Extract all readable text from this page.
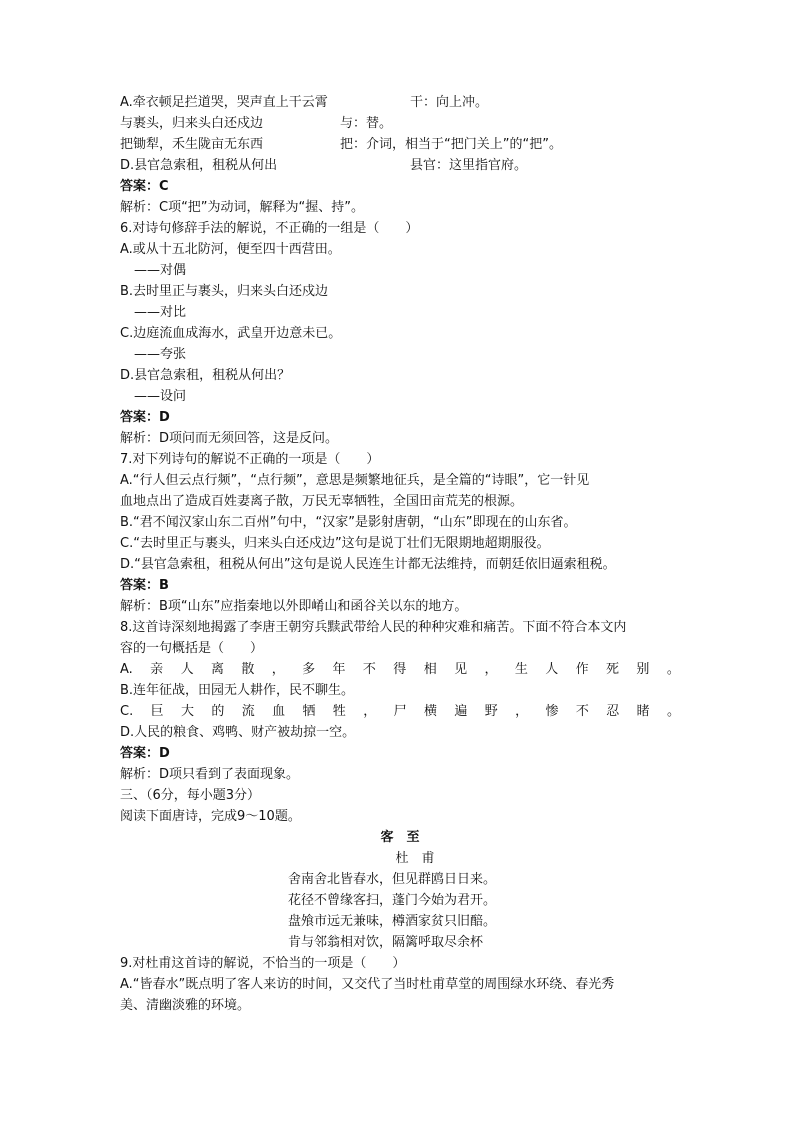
A.牵衣顿足拦道哭，哭声直上干云霄	干：向上冲。
与裹头，归来头白还戍边	与：替。
把锄犁，禾生陇亩无东西	把：介词，相当于“把门关上”的“把”。
D.县官急索租，租税从何出	县官：这里指官府。
答案：C
解析：C项“把”为动词，解释为“握、持”。
6.对诗句修辞手法的解说，不正确的一组是（　　）
A.或从十五北防河，便至四十西营田。
——对偶
B.去时里正与裹头，归来头白还戍边
——对比
C.边庭流血成海水，武皇开边意未已。
——夸张
D.县官急索租，租税从何出？
——设问
答案：D
解析：D项问而无须回答，这是反问。
7.对下列诗句的解说不正确的一项是（　　）
A.“行人但云点行频”，“点行频”，意思是频繁地征兵，是全篇的“诗眼”，它一针见
血地点出了造成百姓妻离子散，万民无辜牺牲，全国田亩荒芜的根源。
B.“君不闻汉家山东二百州”句中，“汉家”是影射唐朝，“山东”即现在的山东省。
C.“去时里正与裹头，归来头白还戍边”这句是说丁壮们无限期地超期服役。
D.“县官急索租，租税从何出”这句是说人民连生计都无法维持，而朝廷依旧逼索租税。
答案：B
解析：B项“山东”应指秦地以外即崤山和函谷关以东的地方。
8.这首诗深刻地揭露了李唐王朝穷兵黩武带给人民的种种灾难和痛苦。下面不符合本文内
容的一句概括是（　　）
A. 亲 人 离 散 ， 多 年 不 得 相 见 ， 生 人 作 死 别 。
B.连年征战，田园无人耕作，民不聊生。
C. 巨 大 的 流 血 牺 牲 ， 尸 横 遍 野 ， 惨 不 忍 睹 。
D.人民的粮食、鸡鸭、财产被劫掠一空。
答案：D
解析：D项只看到了表面现象。
三、（6分，每小题3分）
阅读下面唐诗，完成9～10题。
客　至
杜　甫
舍南舍北皆春水，但见群鸥日日来。
花径不曾缘客扫，蓬门今始为君开。
盘飧市远无兼味，樽酒家贫只旧醅。
肯与邻翁相对饮，隔篱呼取尽余杯
9.对杜甫这首诗的解说，不恰当的一项是（　　）
A.“皆春水”既点明了客人来访的时间，又交代了当时杜甫草堂的周围绿水环绕、春光秀
美、清幽淡雅的环境。
